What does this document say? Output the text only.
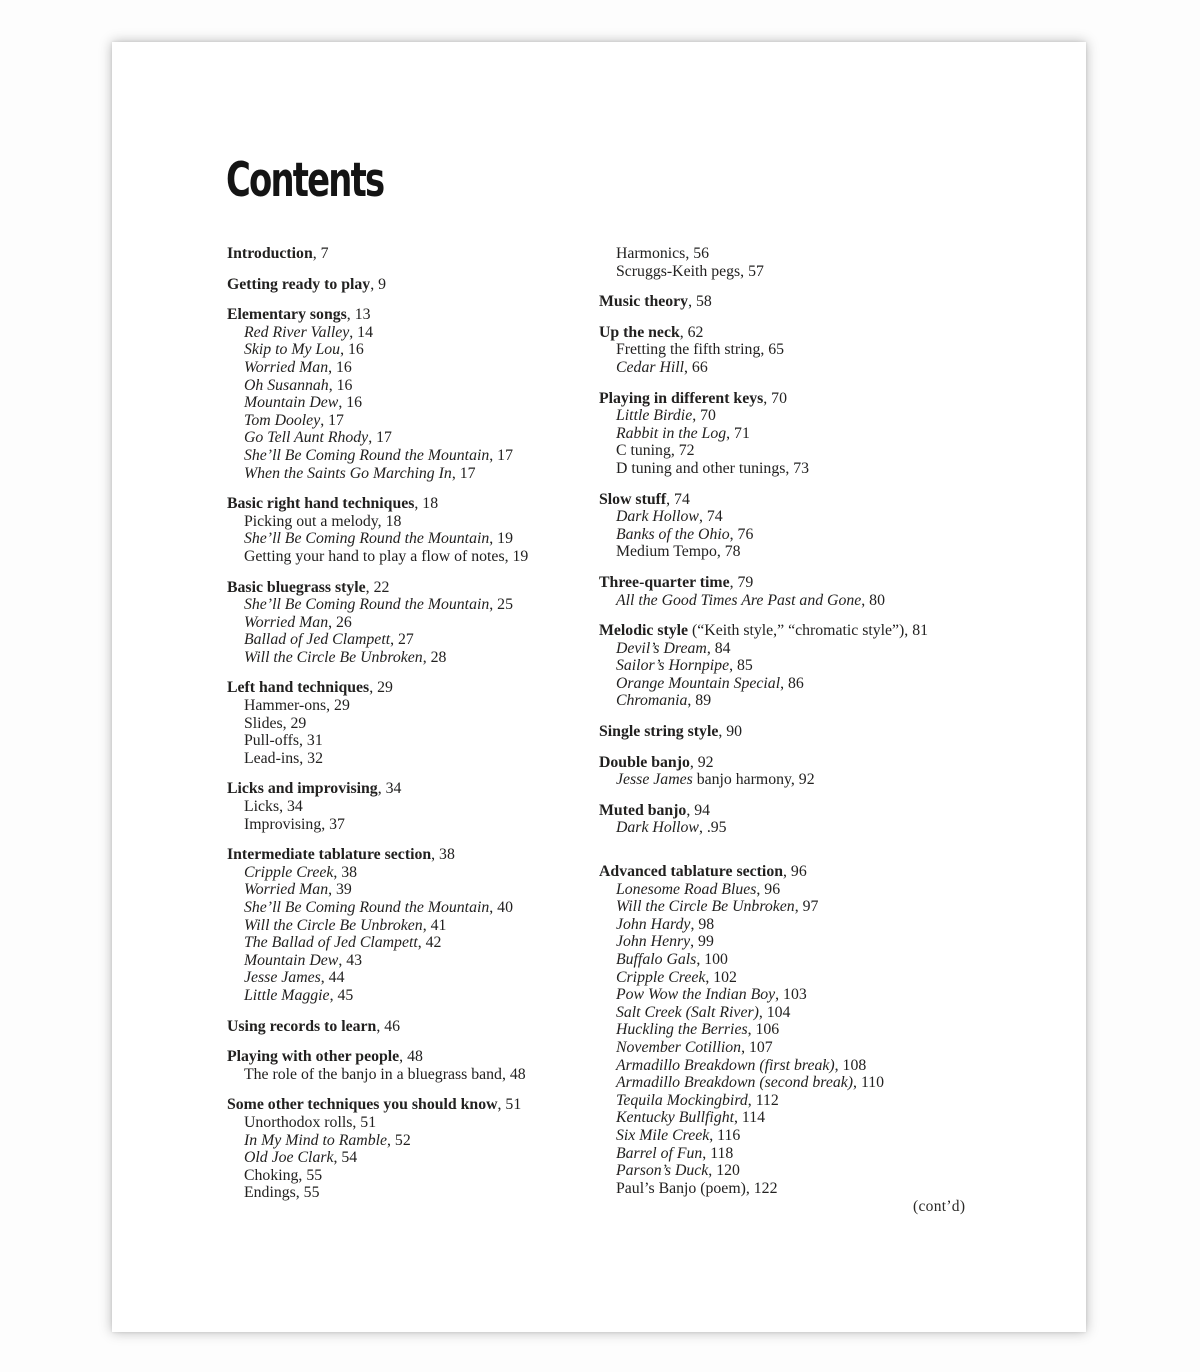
Contents
Introduction, 7
Getting ready to play, 9
Elementary songs, 13
Red River Valley, 14
Skip to My Lou, 16
Worried Man, 16
Oh Susannah, 16
Mountain Dew, 16
Tom Dooley, 17
Go Tell Aunt Rhody, 17
She’ll Be Coming Round the Mountain, 17
When the Saints Go Marching In, 17
Basic right hand techniques, 18
Picking out a melody, 18
She’ll Be Coming Round the Mountain, 19
Getting your hand to play a flow of notes, 19
Basic bluegrass style, 22
She’ll Be Coming Round the Mountain, 25
Worried Man, 26
Ballad of Jed Clampett, 27
Will the Circle Be Unbroken, 28
Left hand techniques, 29
Hammer-ons, 29
Slides, 29
Pull-offs, 31
Lead-ins, 32
Licks and improvising, 34
Licks, 34
Improvising, 37
Intermediate tablature section, 38
Cripple Creek, 38
Worried Man, 39
She’ll Be Coming Round the Mountain, 40
Will the Circle Be Unbroken, 41
The Ballad of Jed Clampett, 42
Mountain Dew, 43
Jesse James, 44
Little Maggie, 45
Using records to learn, 46
Playing with other people, 48
The role of the banjo in a bluegrass band, 48
Some other techniques you should know, 51
Unorthodox rolls, 51
In My Mind to Ramble, 52
Old Joe Clark, 54
Choking, 55
Endings, 55
Harmonics, 56
Scruggs-Keith pegs, 57
Music theory, 58
Up the neck, 62
Fretting the fifth string, 65
Cedar Hill, 66
Playing in different keys, 70
Little Birdie, 70
Rabbit in the Log, 71
C tuning, 72
D tuning and other tunings, 73
Slow stuff, 74
Dark Hollow, 74
Banks of the Ohio, 76
Medium Tempo, 78
Three-quarter time, 79
All the Good Times Are Past and Gone, 80
Melodic style (“Keith style,” “chromatic style”), 81
Devil’s Dream, 84
Sailor’s Hornpipe, 85
Orange Mountain Special, 86
Chromania, 89
Single string style, 90
Double banjo, 92
Jesse James banjo harmony, 92
Muted banjo, 94
Dark Hollow, .95
Advanced tablature section, 96
Lonesome Road Blues, 96
Will the Circle Be Unbroken, 97
John Hardy, 98
John Henry, 99
Buffalo Gals, 100
Cripple Creek, 102
Pow Wow the Indian Boy, 103
Salt Creek (Salt River), 104
Huckling the Berries, 106
November Cotillion, 107
Armadillo Breakdown (first break), 108
Armadillo Breakdown (second break), 110
Tequila Mockingbird, 112
Kentucky Bullfight, 114
Six Mile Creek, 116
Barrel of Fun, 118
Parson’s Duck, 120
Paul’s Banjo (poem), 122
(cont’d)
